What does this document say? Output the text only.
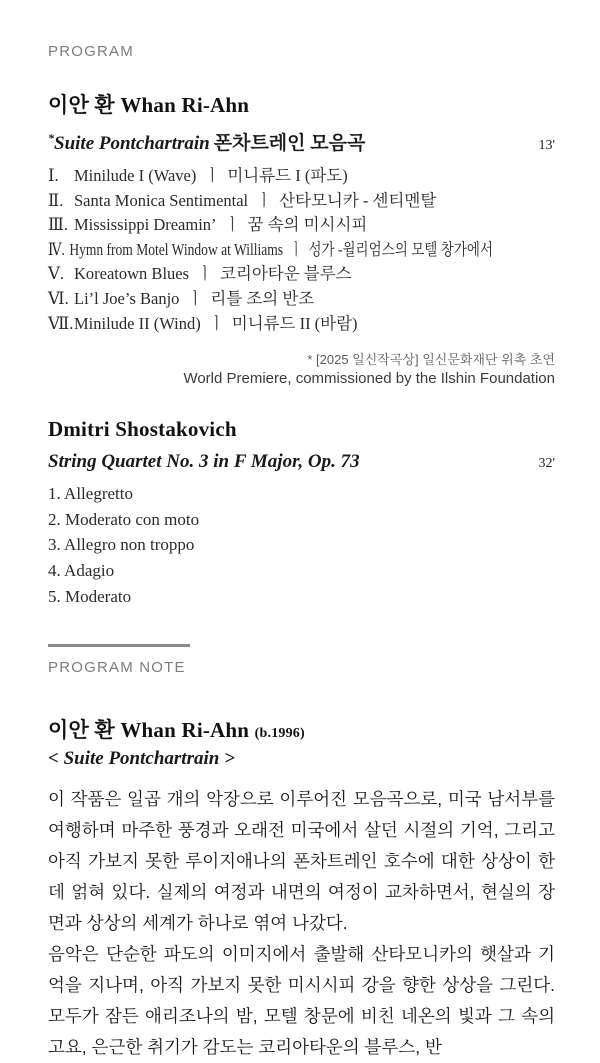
PROGRAM
이안 환 Whan Ri-Ahn
*Suite Pontchartrain 폰차트레인 모음곡	13'
Ⅰ. Minilude I (Wave) ㅣ 미니류드 I (파도)
Ⅱ. Santa Monica Sentimental ㅣ 산타모니카 - 센티멘탈
Ⅲ. Mississippi Dreamin’ ㅣ 꿈 속의 미시시피
Ⅳ. Hymn from Motel Window at Williams ㅣ 성가 -윌리엄스의 모텔 창가에서
Ⅴ. Koreatown Blues ㅣ 코리아타운 블루스
Ⅵ. Li’l Joe’s Banjo ㅣ 리틀 조의 반조
Ⅶ.Minilude II (Wind) ㅣ 미니류드 II (바람)
* [2025 일신작곡상] 일신문화재단 위촉 초연
World Premiere, commissioned by the Ilshin Foundation
Dmitri Shostakovich
String Quartet No. 3 in F Major, Op. 73	32'
1. Allegretto
2. Moderato con moto
3. Allegro non troppo
4. Adagio
5. Moderato
PROGRAM NOTE
이안 환 Whan Ri-Ahn (b.1996)
< Suite Pontchartrain >

이 작품은 일곱 개의 악장으로 이루어진 모음곡으로, 미국 남서부를 여행하며 마주한 풍경과 오래전 미국에서 살던 시절의 기억, 그리고 아직 가보지 못한 루이지애나의 폰차트레인 호수에 대한 상상이 한데 얽혀 있다. 실제의 여정과 내면의 여정이 교차하면서, 현실의 장면과 상상의 세계가 하나로 엮여 나갔다.

음악은 단순한 파도의 이미지에서 출발해 산타모니카의 햇살과 기억을 지나며, 아직 가보지 못한 미시시피 강을 향한 상상을 그린다. 모두가 잠든 애리조나의 밤, 모텔 창문에 비친 네온의 빛과 그 속의 고요, 은근한 취기가 감도는 코리아타운의 블루스, 반
